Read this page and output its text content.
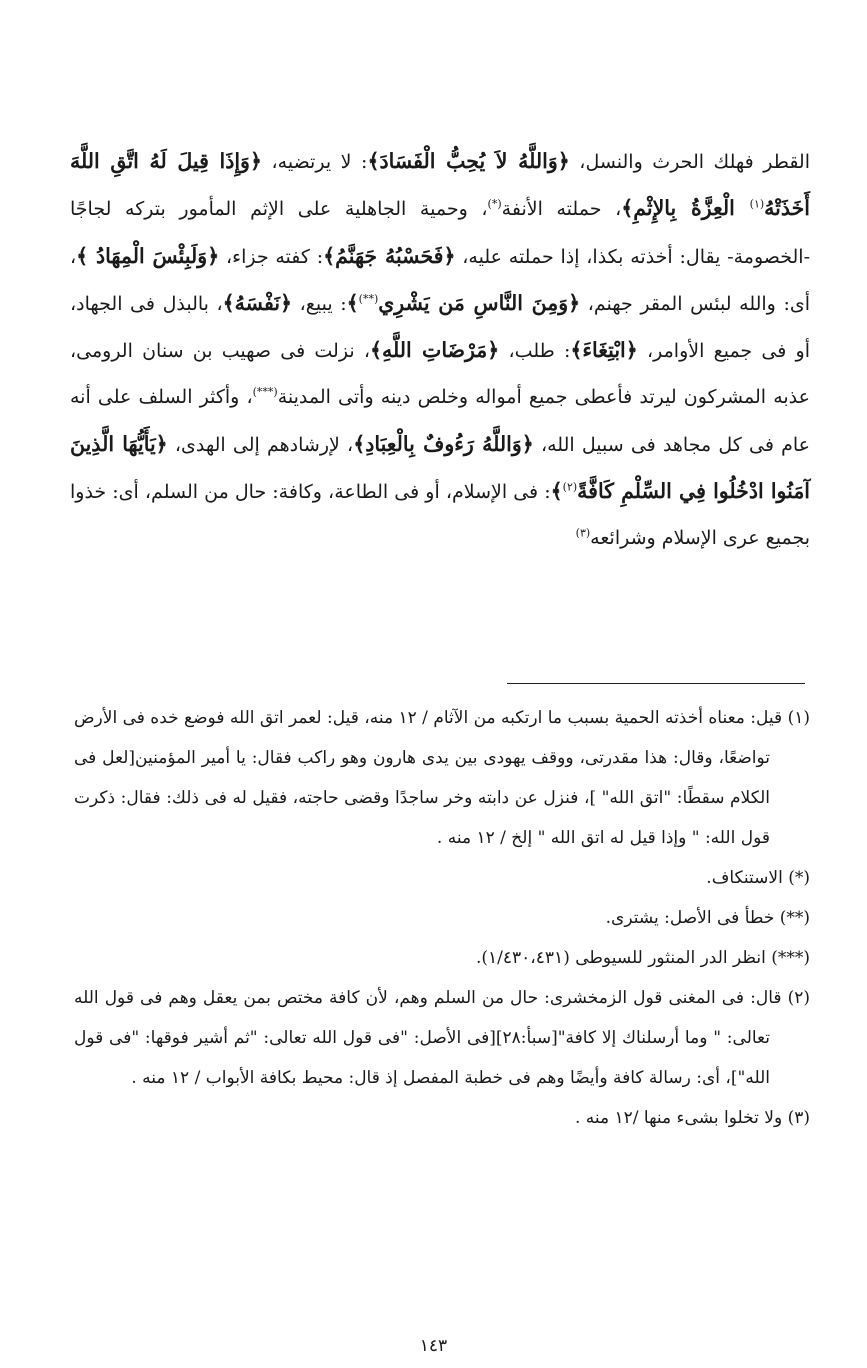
القطر فهلك الحرث والنسل، ﴿وَاللَّهُ لاَ يُحِبُّ الْفَسَادَ﴾: لا يرتضيه، ﴿وَإِذَا قِيلَ لَهُ اتَّقِ اللَّهَ أَخَذَتْهُ$^{(١)}$ الْعِزَّةُ بِالإِثْمِ﴾، حملته الأنفة(*)، وحمية الجاهلية على الإثم المأمور بتركه لجاجًا -الخصومة- يقال: أخذته بكذا، إذا حملته عليه، ﴿فَحَسْبُهُ جَهَنَّمُ﴾: كفته جزاء، ﴿وَلَبِئْسَ الْمِهَادُ ﴾، أى: والله لبئس المقر جهنم، ﴿وَمِنَ النَّاسِ مَن يَشْرِي(**)﴾: يبيع، ﴿نَفْسَهُ﴾، بالبذل فى الجهاد، أو فى جميع الأوامر، ﴿ابْتِغَاءَ﴾: طلب، ﴿مَرْضَاتِ اللَّهِ﴾، نزلت فى صهيب بن سنان الرومى، عذبه المشركون ليرتد فأعطى جميع أمواله وخلص دينه وأتى المدينة(***)، وأكثر السلف على أنه عام فى كل مجاهد فى سبيل الله، ﴿وَاللَّهُ رَءُوفٌ بِالْعِبَادِ﴾، لإرشادهم إلى الهدى، ﴿يَأَيُّهَا الَّذِينَ آمَنُوا ادْخُلُوا فِي السِّلْمِ كَافَّةً$^{(٢)}$﴾: فى الإسلام، أو فى الطاعة، وكافة: حال من السلم، أى: خذوا بجميع عرى الإسلام وشرائعه$^{(٣)}$

(١) قيل: معناه أخذته الحمية بسبب ما ارتكبه من الآثام / ١٢ منه، قيل: لعمر اتق الله فوضع خده فى الأرض تواضعًا، وقال: هذا مقدرتى، ووقف يهودى بين يدى هارون وهو راكب فقال: يا أمير المؤمنين[لعل فى الكلام سقطًا: "اتق الله" ]، فنزل عن دابته وخر ساجدًا وقضى حاجته، فقيل له فى ذلك: فقال: ذكرت قول الله: " وإذا قيل له اتق الله " إلخ / ١٢ منه .

(*) الاستنكاف.

(**) خطأ فى الأصل: يشترى.

(***) انظر الدر المنثور للسيوطى (١/٤٣٠،٤٣١).

(٢) قال: فى المغنى قول الزمخشرى: حال من السلم وهم، لأن كافة مختص بمن يعقل وهم فى قول الله تعالى: " وما أرسلناك إلا كافة"[سبأ:٢٨][فى الأصل: "فى قول الله تعالى: "ثم أشير فوقها: "فى قول الله"]، أى: رسالة كافة وأيضًا وهم فى خطبة المفصل إذ قال: محيط بكافة الأبواب / ١٢ منه .

(٣) ولا تخلوا بشىء منها /١٢ منه .

١٤٣
